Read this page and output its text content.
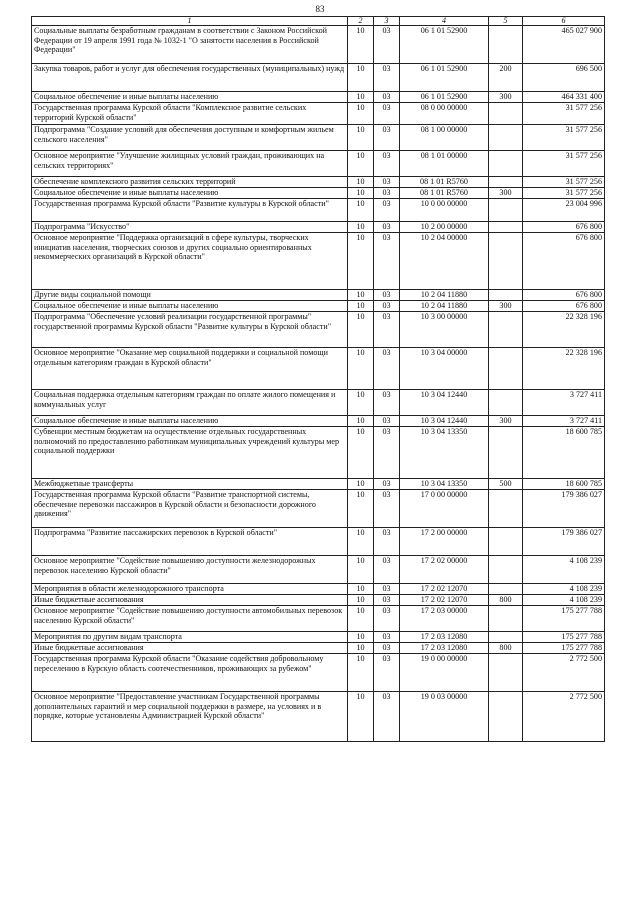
83
1	2	3	4	5	6
Социальные выплаты безработным гражданам в соответствии с Законом Российской Федерации от 19 апреля 1991 года № 1032-1 "О занятости населения в Российской Федерации"	10	03	06 1 01 52900		465 027 900
Закупка товаров, работ и услуг для обеспечения государственных (муниципальных) нужд	10	03	06 1 01 52900	200	696 500
Социальное обеспечение и иные выплаты населению	10	03	06 1 01 52900	300	464 331 400
Государственная программа Курской области "Комплексное развитие сельских территорий Курской области"	10	03	08 0 00 00000		31 577 256
Подпрограмма "Создание условий для обеспечения доступным и комфортным жильем сельского населения"	10	03	08 1 00 00000		31 577 256
Основное мероприятие "Улучшение жилищных условий граждан, проживающих на сельских территориях"	10	03	08 1 01 00000		31 577 256
Обеспечение комплексного развития сельских территорий	10	03	08 1 01 R5760		31 577 256
Социальное обеспечение и иные выплаты населению	10	03	08 1 01 R5760	300	31 577 256
Государственная программа Курской области "Развитие культуры в Курской области"	10	03	10 0 00 00000		23 004 996
Подпрограмма "Искусство"	10	03	10 2 00 00000		676 800
Основное мероприятие "Поддержка организаций в сфере культуры, творческих инициатив населения, творческих союзов и других социально ориентированных некоммерческих организаций в Курской области"	10	03	10 2 04 00000		676 800
Другие виды социальной помощи	10	03	10 2 04 11880		676 800
Социальное обеспечение и иные выплаты населению	10	03	10 2 04 11880	300	676 800
Подпрограмма "Обеспечение условий реализации государственной программы" государственной программы Курской области "Развитие культуры в Курской области"	10	03	10 3 00 00000		22 328 196
Основное мероприятие "Оказание мер социальной поддержки и социальной помощи отдельным категориям граждан в Курской области"	10	03	10 3 04 00000		22 328 196
Социальная поддержка отдельным категориям граждан по оплате жилого помещения и коммунальных услуг	10	03	10 3 04 12440		3 727 411
Социальное обеспечение и иные выплаты населению	10	03	10 3 04 12440	300	3 727 411
Субвенции местным бюджетам на осуществление отдельных государственных полномочий по предоставлению работникам муниципальных учреждений культуры мер социальной поддержки	10	03	10 3 04 13350		18 600 785
Межбюджетные трансферты	10	03	10 3 04 13350	500	18 600 785
Государственная программа Курской области "Развитие транспортной системы, обеспечение перевозки пассажиров в Курской области и безопасности дорожного движения"	10	03	17 0 00 00000		179 386 027
Подпрограмма "Развитие пассажирских перевозок в Курской области"	10	03	17 2 00 00000		179 386 027
Основное мероприятие "Содействие повышению доступности железнодорожных перевозок населению Курской области"	10	03	17 2 02 00000		4 108 239
Мероприятия в области железнодорожного транспорта	10	03	17 2 02 12070		4 108 239
Иные бюджетные ассигнования	10	03	17 2 02 12070	800	4 108 239
Основное мероприятие "Содействие повышению доступности автомобильных перевозок населению Курской области"	10	03	17 2 03 00000		175 277 788
Мероприятия по другим видам транспорта	10	03	17 2 03 12080		175 277 788
Иные бюджетные ассигнования	10	03	17 2 03 12080	800	175 277 788
Государственная программа Курской области "Оказание содействия добровольному переселению в Курскую область соотечественников, проживающих за рубежом"	10	03	19 0 00 00000		2 772 500
Основное мероприятие "Предоставление участникам Государственной программы дополнительных гарантий и мер социальной поддержки в размере, на условиях и в порядке, которые установлены Администрацией Курской области"	10	03	19 0 03 00000		2 772 500
